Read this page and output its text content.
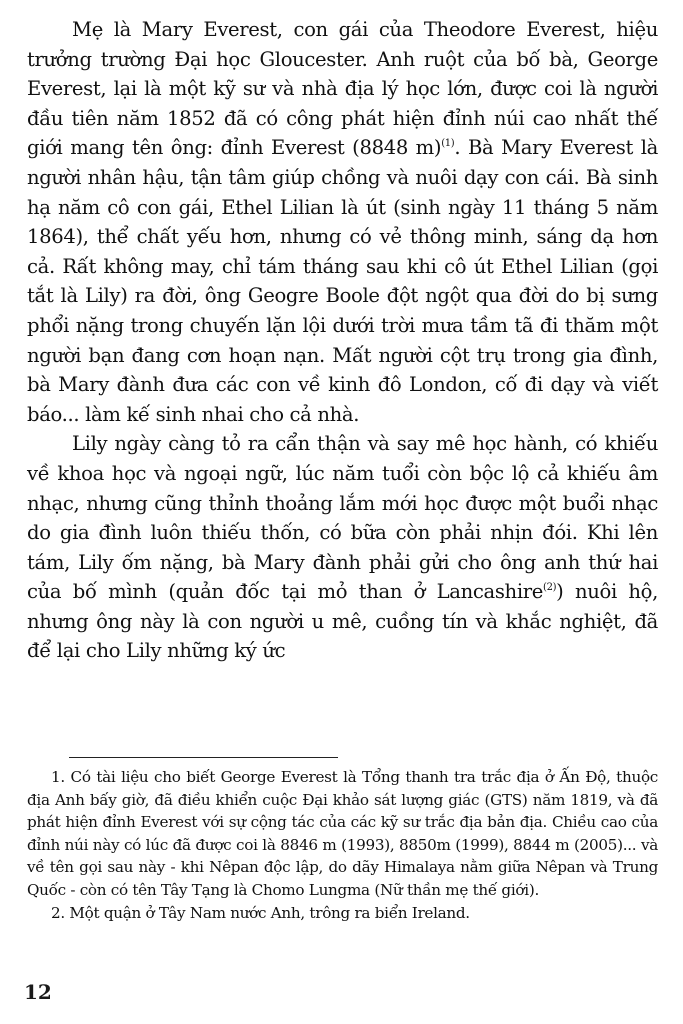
Mẹ là Mary Everest, con gái của Theodore Everest, hiệu trưởng trường Đại học Gloucester. Anh ruột của bố bà, George Everest, lại là một kỹ sư và nhà địa lý học lớn, được coi là người đầu tiên năm 1852 đã có công phát hiện đỉnh núi cao nhất thế giới mang tên ông: đỉnh Everest (8848 m)$^{(1)}$. Bà Mary Everest là người nhân hậu, tận tâm giúp chồng và nuôi dạy con cái. Bà sinh hạ năm cô con gái, Ethel Lilian là út (sinh ngày 11 tháng 5 năm 1864), thể chất yếu hơn, nhưng có vẻ thông minh, sáng dạ hơn cả. Rất không may, chỉ tám tháng sau khi cô út Ethel Lilian (gọi tắt là Lily) ra đời, ông Geogre Boole đột ngột qua đời do bị sưng phổi nặng trong chuyến lặn lội dưới trời mưa tầm tã đi thăm một người bạn đang cơn hoạn nạn. Mất người cột trụ trong gia đình, bà Mary đành đưa các con về kinh đô London, cố đi dạy và viết báo... làm kế sinh nhai cho cả nhà.

Lily ngày càng tỏ ra cẩn thận và say mê học hành, có khiếu về khoa học và ngoại ngữ, lúc năm tuổi còn bộc lộ cả khiếu âm nhạc, nhưng cũng thỉnh thoảng lắm mới học được một buổi nhạc do gia đình luôn thiếu thốn, có bữa còn phải nhịn đói. Khi lên tám, Lily ốm nặng, bà Mary đành phải gửi cho ông anh thứ hai của bố mình (quản đốc tại mỏ than ở Lancashire$^{(2)}$) nuôi hộ, nhưng ông này là con người u mê, cuồng tín và khắc nghiệt, đã để lại cho Lily những ký ức

1. Có tài liệu cho biết George Everest là Tổng thanh tra trắc địa ở Ấn Độ, thuộc địa Anh bấy giờ, đã điều khiển cuộc Đại khảo sát lượng giác (GTS) năm 1819, và đã phát hiện đỉnh Everest với sự cộng tác của các kỹ sư trắc địa bản địa. Chiều cao của đỉnh núi này có lúc đã được coi là 8846 m (1993), 8850m (1999), 8844 m (2005)... và về tên gọi sau này - khi Nêpan độc lập, do dãy Himalaya nằm giữa Nêpan và Trung Quốc - còn có tên Tây Tạng là Chomo Lungma (Nữ thần mẹ thế giới).

2. Một quận ở Tây Nam nước Anh, trông ra biển Ireland.

12
